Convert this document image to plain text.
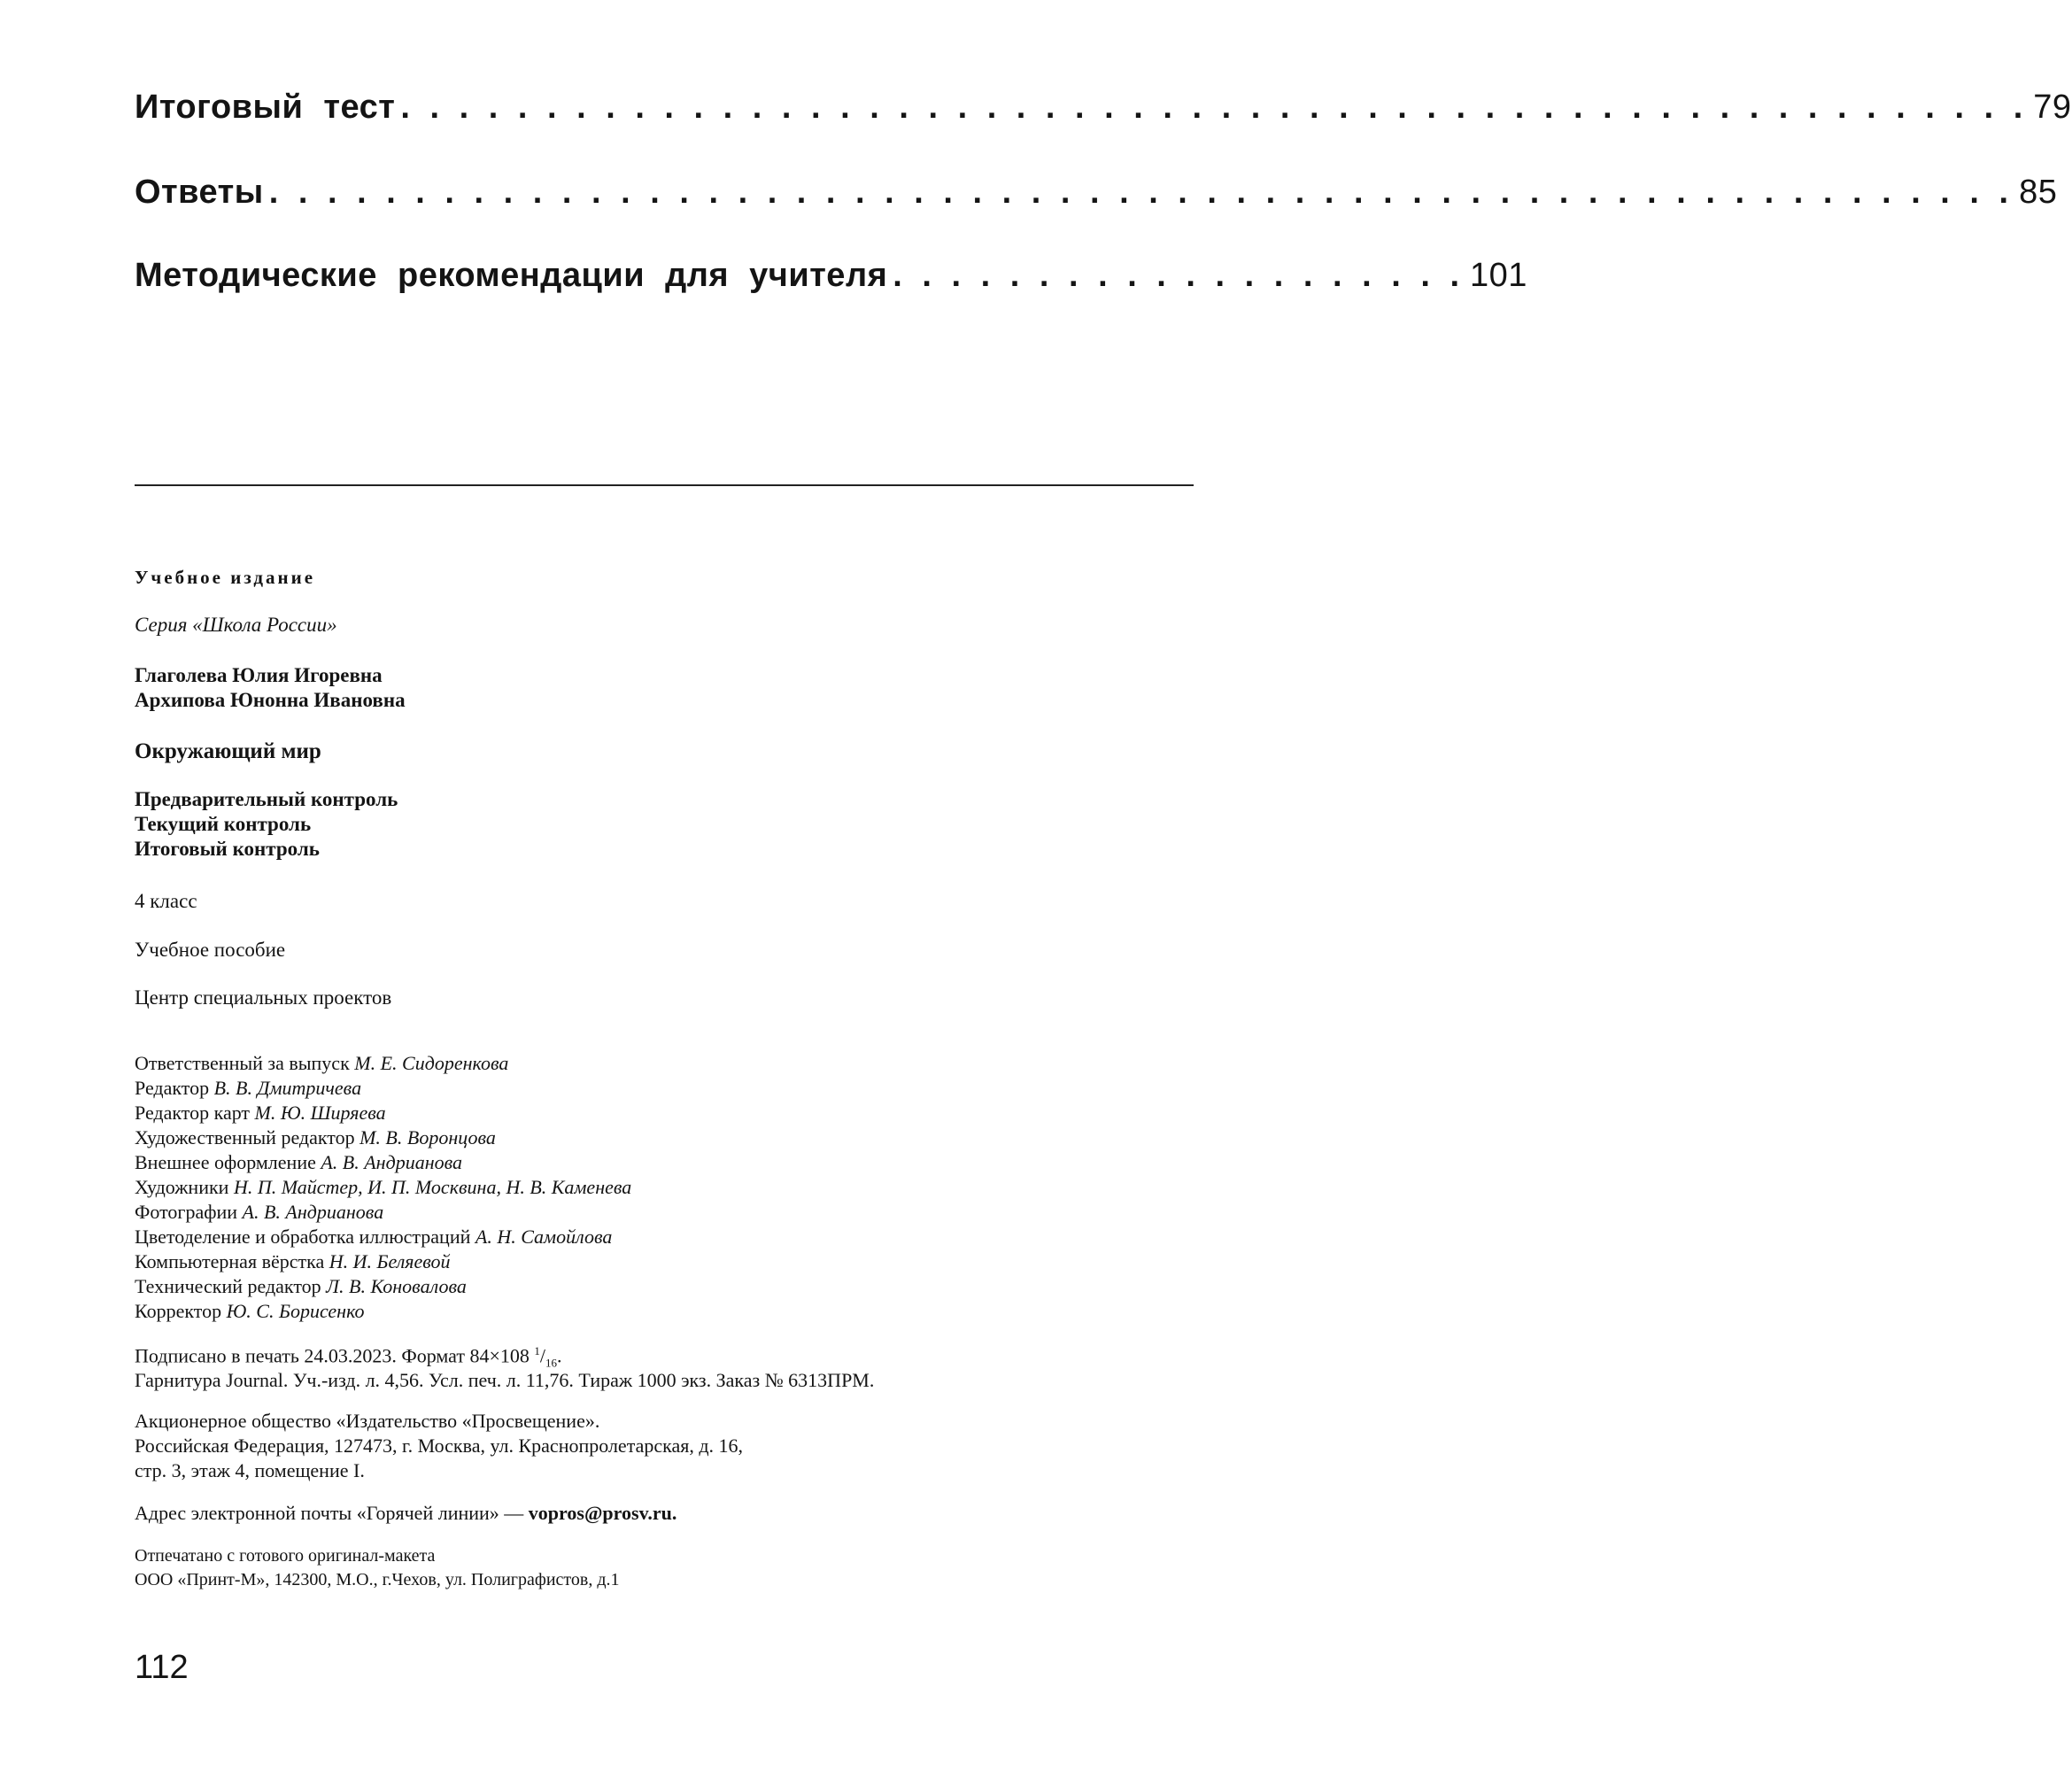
Итоговый тест . . . . . . . . . . . . . . . . . . . . . . . . . . . . . . . . . . . . . . . . . . . . . . . . . . . . . . . . 79
Ответы . . . . . . . . . . . . . . . . . . . . . . . . . . . . . . . . . . . . . . . . . . . . . . . . . . . . . . . . . . . . 85
Методические рекомендации для учителя . . . . . . . . . . . . . . . . . . . . 101
Учебное издание
Серия «Школа России»
Глаголева Юлия Игоревна
Архипова Юнонна Ивановна
Окружающий мир
Предварительный контроль
Текущий контроль
Итоговый контроль
4 класс
Учебное пособие
Центр специальных проектов
Ответственный за выпуск М. Е. Сидоренкова
Редактор В. В. Дмитричева
Редактор карт М. Ю. Ширяева
Художественный редактор М. В. Воронцова
Внешнее оформление А. В. Андрианова
Художники Н. П. Майстер, И. П. Москвина, Н. В. Каменева
Фотографии А. В. Андрианова
Цветоделение и обработка иллюстраций А. Н. Самойлова
Компьютерная вёрстка Н. И. Беляевой
Технический редактор Л. В. Коновалова
Корректор Ю. С. Борисенко
Подписано в печать 24.03.2023. Формат 84×108 $^1/_{16}$.
Гарнитура Journal. Уч.-изд. л. 4,56. Усл. печ. л. 11,76. Тираж 1000 экз. Заказ № 6313ПРМ.
Акционерное общество «Издательство «Просвещение».
Российская Федерация, 127473, г. Москва, ул. Краснопролетарская, д. 16,
стр. 3, этаж 4, помещение I.
Адрес электронной почты «Горячей линии» — vopros@prosv.ru.
Отпечатано с готового оригинал-макета
ООО «Принт-М», 142300, М.О., г.Чехов, ул. Полиграфистов, д.1
112
